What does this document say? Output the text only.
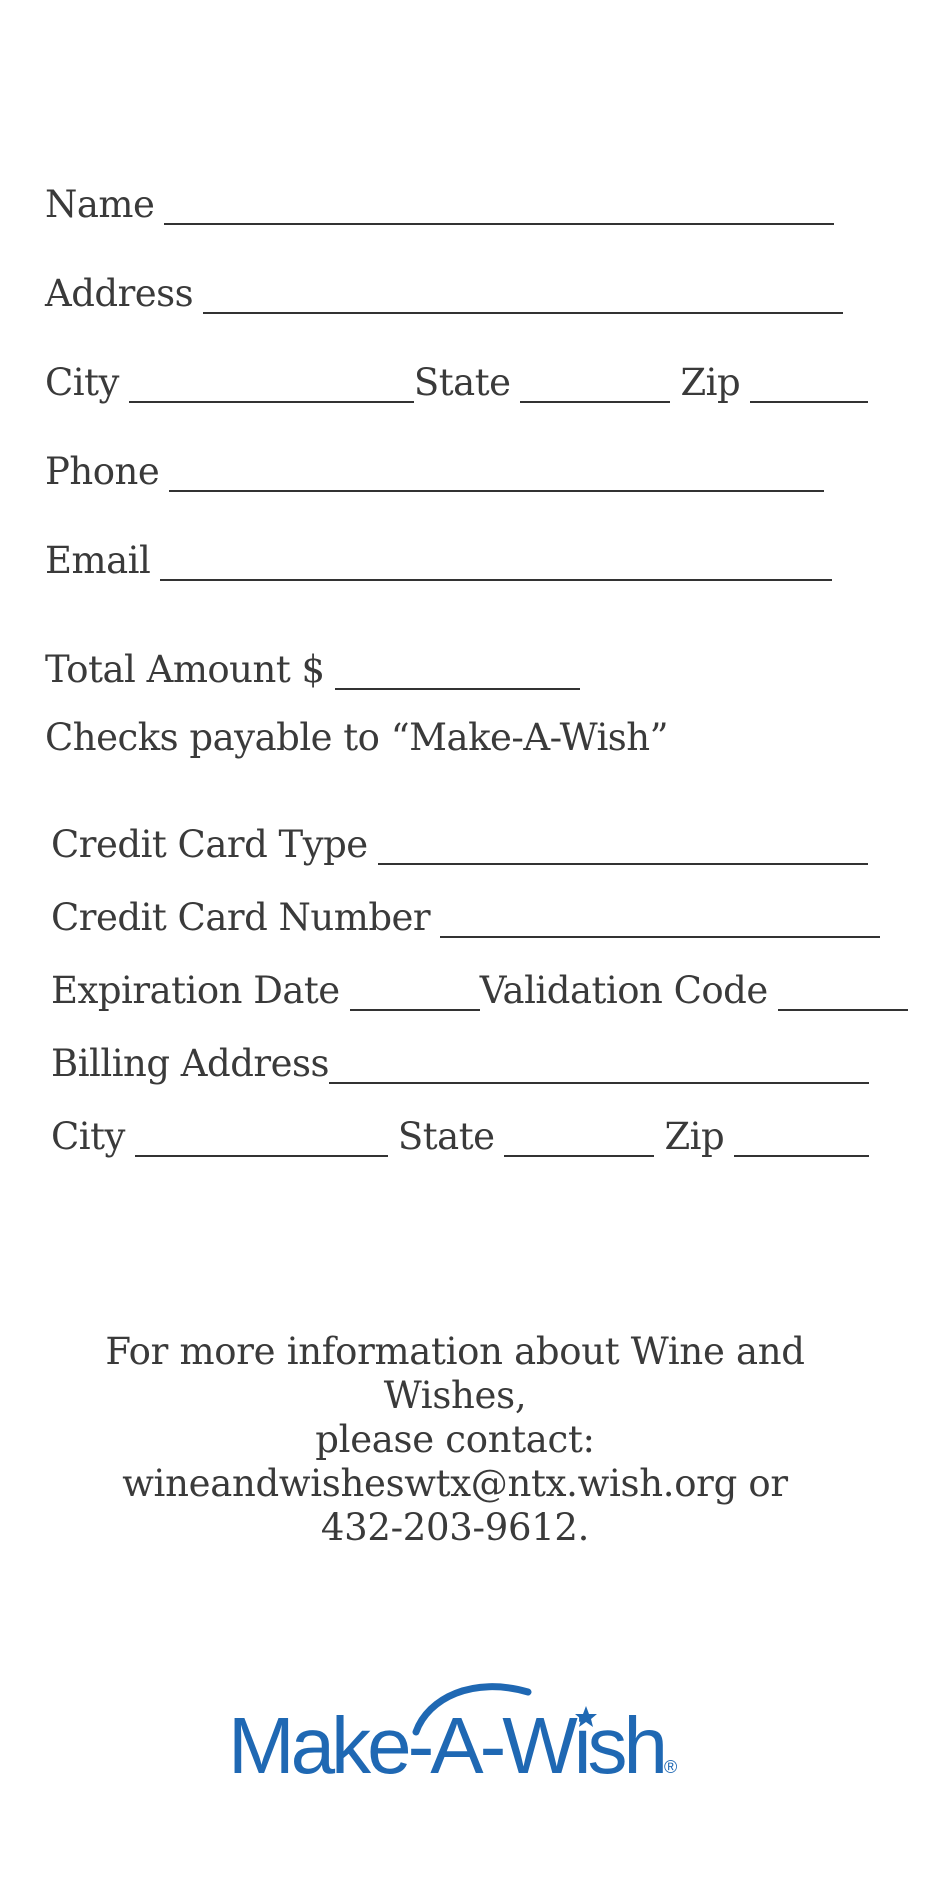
Name
Address
City	State	Zip
Phone
Email
Total Amount $
Checks payable to “Make-A-Wish”
Credit Card Type
Credit Card Number
Expiration Date	Validation Code
Billing Address
City	State	Zip
For more information about Wine and Wishes,
please contact:
wineandwisheswtx@ntx.wish.org or
432-203-9612.
Make-A-Wish®
